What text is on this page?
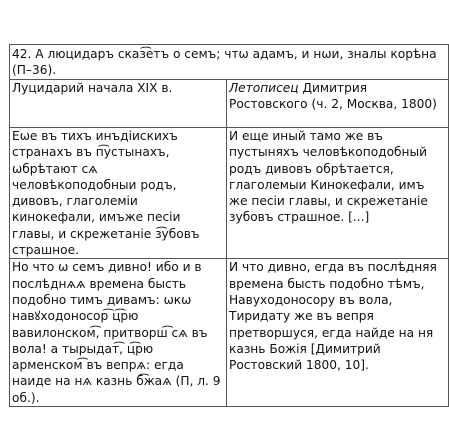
42. А люцидаръ сказ͡етъ о семъ; чтѡ адамъ, и нѡи, зналы корѣна (П–36).	
Луцидарий начала XIX в.	Летописец Димитрия Ростовского (ч. 2, Москва, 1800)
Еѡе въ тихъ инъдіискихъ странахъ въ п͡устынахъ, ѡбрѣтают сѧ человѣкоподобныи родъ, дивовъ, глаголеміи кинокефали, имъже песіи главы, и скрежетаніе з͡убовъ страшное.	И еще иный тамо же въ пустыняхъ человѣкоподобный родъ дивовъ обрѣтается, глаголемыи Кинокефали, имъ же песіи главы, и скрежетаніе зубовъ страшное. [...]
Но что ѡ семъ дивно! ибо и в послѣднѧѧ времена бысть подобно тимъ дивамъ: ѡкѡ навꙋходоносор͡ ц͡рю вавилонском͡, притворш͡ сѧ въ вола! а тырыдат͡, ц͡рю арменском͡ въ вепрѧ: егда наиде на нѧ казнь б͡жаѧ (П, л. 9 об.).	И что дивно, егда въ послѣдняя времена бысть подобно тѣмъ, Навуходоносору въ вола, Тиридату же въ вепря претворшуся, егда найде на ня казнь Божія [Димитрий Ростовский 1800, 10].
